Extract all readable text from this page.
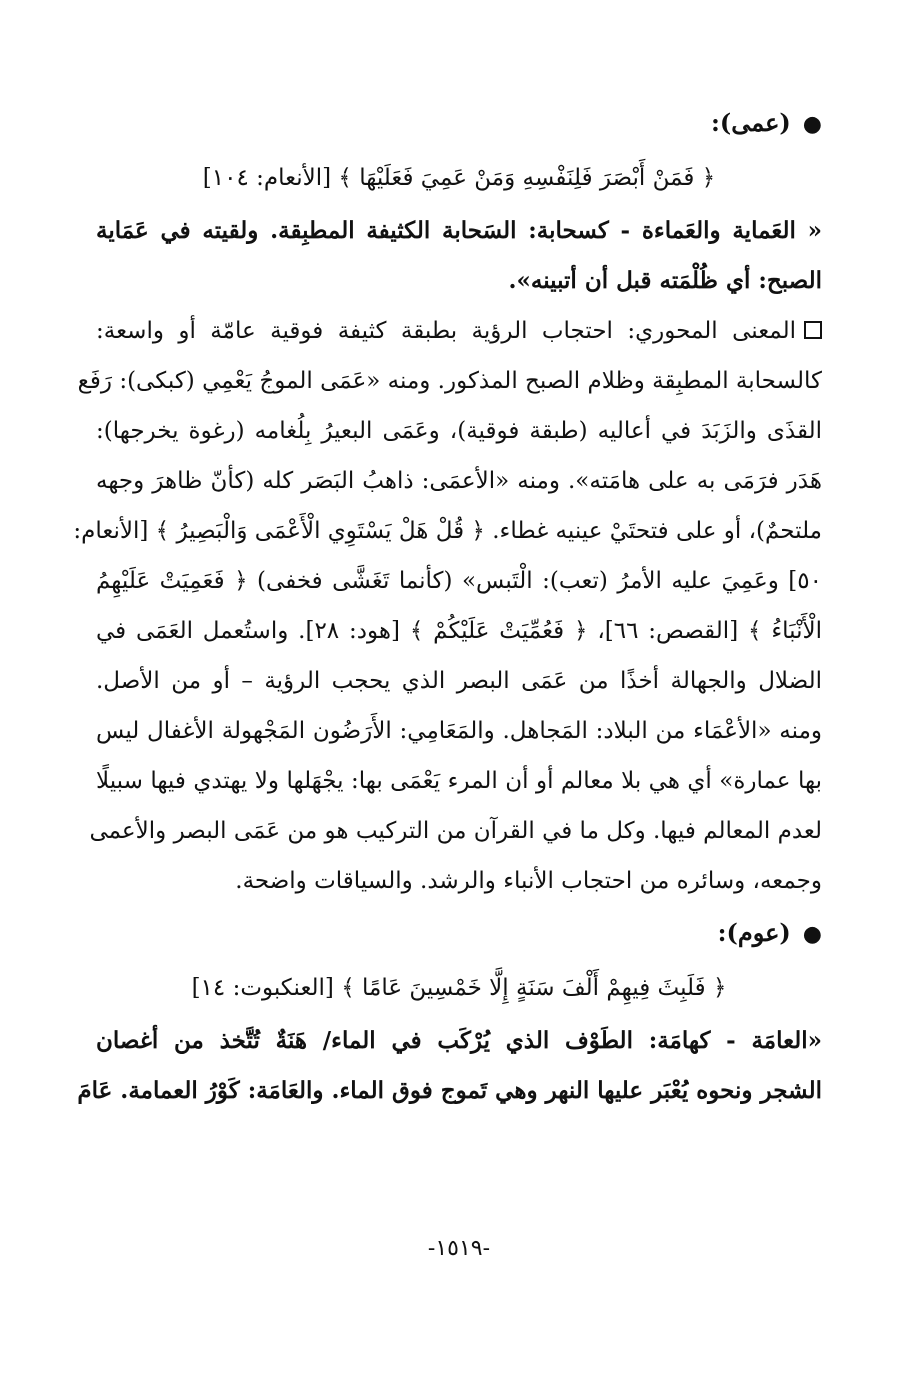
●(عمى):
﴿ فَمَنْ أَبْصَرَ فَلِنَفْسِهِ وَمَنْ عَمِيَ فَعَلَيْهَا ﴾ [الأنعام: ١٠٤]
« العَماية والعَماءة - كسحابة: السَحابة الكثيفة المطبِقة. ولقيته في عَمَاية
الصبح: أي ظُلْمَته قبل أن أتبينه».
المعنى المحوري: احتجاب الرؤية بطبقة كثيفة فوقية عامّة أو واسعة:
كالسحابة المطبِقة وظلام الصبح المذكور. ومنه «عَمَى الموجُ يَعْمِي (كبكى): رَفَع
القذَى والزَبَدَ في أعاليه (طبقة فوقية)، وعَمَى البعيرُ بِلُغامه (رغوة يخرجها):
هَدَر فرَمَى به على هامَته». ومنه «الأعمَى: ذاهبُ البَصَر كله (كأنّ ظاهرَ وجهه
ملتحمٌ)، أو على فتحتَيْ عينيه غطاء. ﴿ قُلْ هَلْ يَسْتَوِي الْأَعْمَى وَالْبَصِيرُ ﴾ [الأنعام:
٥٠] وعَمِيَ عليه الأمرُ (تعب): الْتَبس» (كأنما تَغَشَّى فخفى) ﴿ فَعَمِيَتْ عَلَيْهِمُ
الْأَنْبَاءُ ﴾ [القصص: ٦٦]، ﴿ فَعُمِّيَتْ عَلَيْكُمْ ﴾ [هود: ٢٨]. واستُعمل العَمَى في
الضلال والجهالة أخذًا من عَمَى البصر الذي يحجب الرؤية – أو من الأصل.
ومنه «الأعْمَاء من البلاد: المَجاهل. والمَعَامِي: الأَرَضُون المَجْهولة الأغفال ليس
بها عمارة» أي هي بلا معالم أو أن المرء يَعْمَى بها: يجْهَلها ولا يهتدي فيها سبيلًا
لعدم المعالم فيها. وكل ما في القرآن من التركيب هو من عَمَى البصر والأعمى
وجمعه، وسائره من احتجاب الأنباء والرشد. والسياقات واضحة.
●(عوم):
﴿ فَلَبِثَ فِيهِمْ أَلْفَ سَنَةٍ إِلَّا خَمْسِينَ عَامًا ﴾ [العنكبوت: ١٤]
«العامَة - كهامَة: الطَوْف الذي يُرْكَب في الماء/ هَنَةٌ تُتَّخذ من أغصان
الشجر ونحوه يُعْبَر عليها النهر وهي تَموج فوق الماء. والعَامَة: كَوْرُ العمامة. عَامَ
-١٥١٩-
